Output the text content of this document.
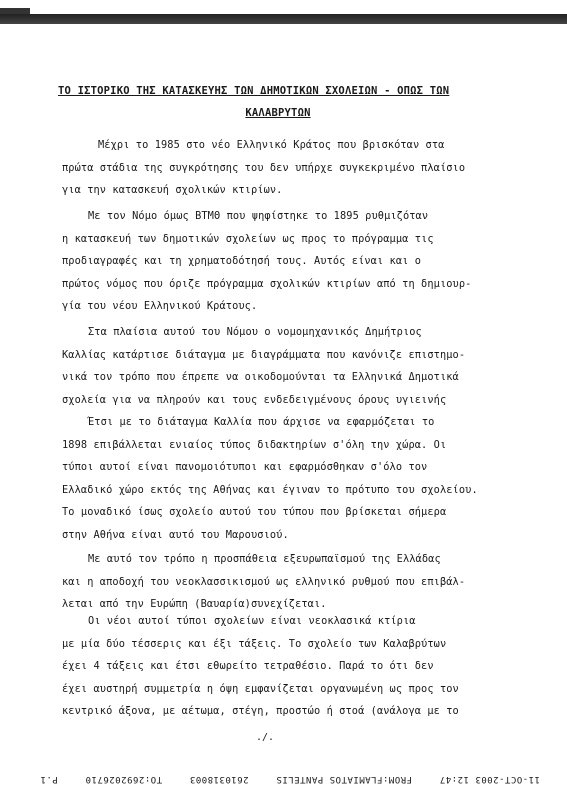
ΤΟ ΙΣΤΟΡΙΚΟ ΤΗΣ ΚΑΤΑΣΚΕΥΗΣ ΤΩΝ ΔΗΜΟΤΙΚΩΝ ΣΧΟΛΕΙΩΝ - ΟΠΩΣ ΤΩΝ
ΚΑΛΑΒΡΥΤΩΝ
Μέχρι το 1985 στο νέο Ελληνικό Κράτος που βρισκόταν στα
πρώτα στάδια της συγκρότησης του δεν υπήρχε συγκεκριμένο πλαίσιο
για την κατασκευή σχολικών κτιρίων.
Με τον Νόμο όμως ΒΤΜΘ που ψηφίστηκε το 1895 ρυθμιζόταν
η κατασκευή των δημοτικών σχολείων ως προς το πρόγραμμα τις
προδιαγραφές και τη χρηματοδότησή τους. Αυτός είναι και ο
πρώτος νόμος που όριζε πρόγραμμα σχολικών κτιρίων από τη δημιουρ-
γία του νέου Ελληνικού Κράτους.
Στα πλαίσια αυτού του Νόμου ο νομομηχανικός Δημήτριος
Καλλίας κατάρτισε διάταγμα με διαγράμματα που κανόνιζε επιστημο-
νικά τον τρόπο που έπρεπε να οικοδομούνται τα Ελληνικά Δημοτικά
σχολεία για να πληρούν και τους ενδεδειγμένους όρους υγιεινής
Έτσι με το διάταγμα Καλλία που άρχισε να εφαρμόζεται το
1898 επιβάλλεται ενιαίος τύπος διδακτηρίων σ'όλη την χώρα. Οι
τύποι αυτοί είναι πανομοιότυποι και εφαρμόσθηκαν σ'όλο τον
Ελλαδικό χώρο εκτός της Αθήνας και έγιναν το πρότυπο του σχολείου.
Το μοναδικό ίσως σχολείο αυτού του τύπου που βρίσκεται σήμερα
στην Αθήνα είναι αυτό του Μαρουσιού.
Με αυτό τον τρόπο η προσπάθεια εξευρωπαϊσμού της Ελλάδας
και η αποδοχή του νεοκλασσικισμού ως ελληνικό ρυθμού που επιβάλ-
λεται από την Ευρώπη (Βαυαρία)συνεχίζεται.
Οι νέοι αυτοί τύποι σχολείων είναι νεοκλασικά κτίρια
με μία δύο τέσσερις και έξι τάξεις. Το σχολείο των Καλαβρύτων
έχει 4 τάξεις και έτσι εθωρείτο τετραθέσιο. Παρά το ότι δεν
έχει αυστηρή συμμετρία η όψη εμφανίζεται οργανωμένη ως προς τον
κεντρικό άξονα, με αέτωμα, στέγη, προστώο ή στοά (ανάλογα με το
./.
11-OCT-2003 12:47
FROM:FLAMIATOS PANTELIS
2610318003
TO:2692026710
P.1
